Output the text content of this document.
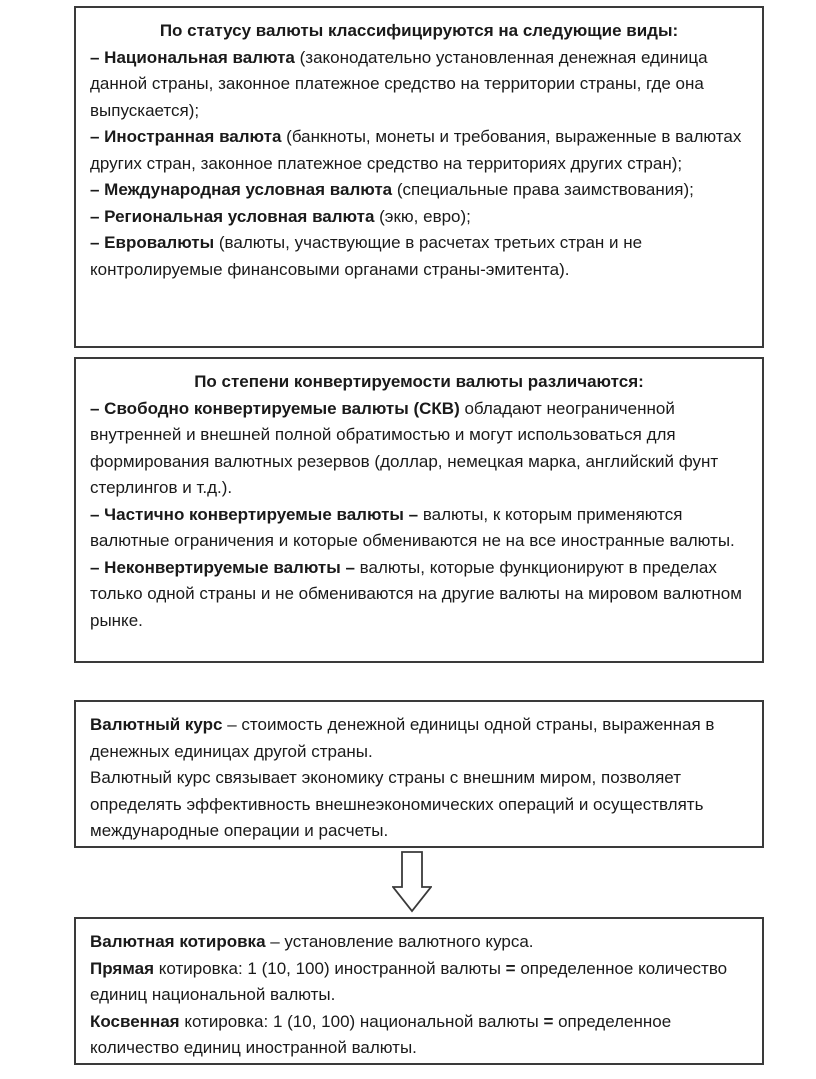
По статусу валюты классифицируются на следующие виды:
– Национальная валюта (законодательно установленная денежная единица данной страны, законное платежное средство на территории страны, где она выпускается);
– Иностранная валюта (банкноты, монеты и требования, выраженные в валютах других стран, законное платежное средство на территориях других стран);
– Международная условная валюта (специальные права заимствования);
– Региональная условная валюта (экю, евро);
– Евровалюты (валюты, участвующие в расчетах третьих стран и не контролируемые финансовыми органами страны-эмитента).
По степени конвертируемости валюты различаются:
– Свободно конвертируемые валюты (СКВ) обладают неограниченной внутренней и внешней полной обратимостью и могут использоваться для формирования валютных резервов (доллар, немецкая марка, английский фунт стерлингов и т.д.).
– Частично конвертируемые валюты – валюты, к которым применяются валютные ограничения и которые обмениваются не на все иностранные валюты.
– Неконвертируемые валюты – валюты, которые функционируют в пределах только одной страны и не обмениваются на другие валюты на мировом валютном рынке.
Валютный курс – стоимость денежной единицы одной страны, выраженная в денежных единицах другой страны.
Валютный курс связывает экономику страны с внешним миром, позволяет определять эффективность внешнеэкономических операций и осуществлять международные операции и расчеты.
Валютная котировка – установление валютного курса.
Прямая котировка: 1 (10, 100) иностранной валюты = определенное количество единиц национальной валюты.
Косвенная котировка: 1 (10, 100) национальной валюты = определенное количество единиц иностранной валюты.
